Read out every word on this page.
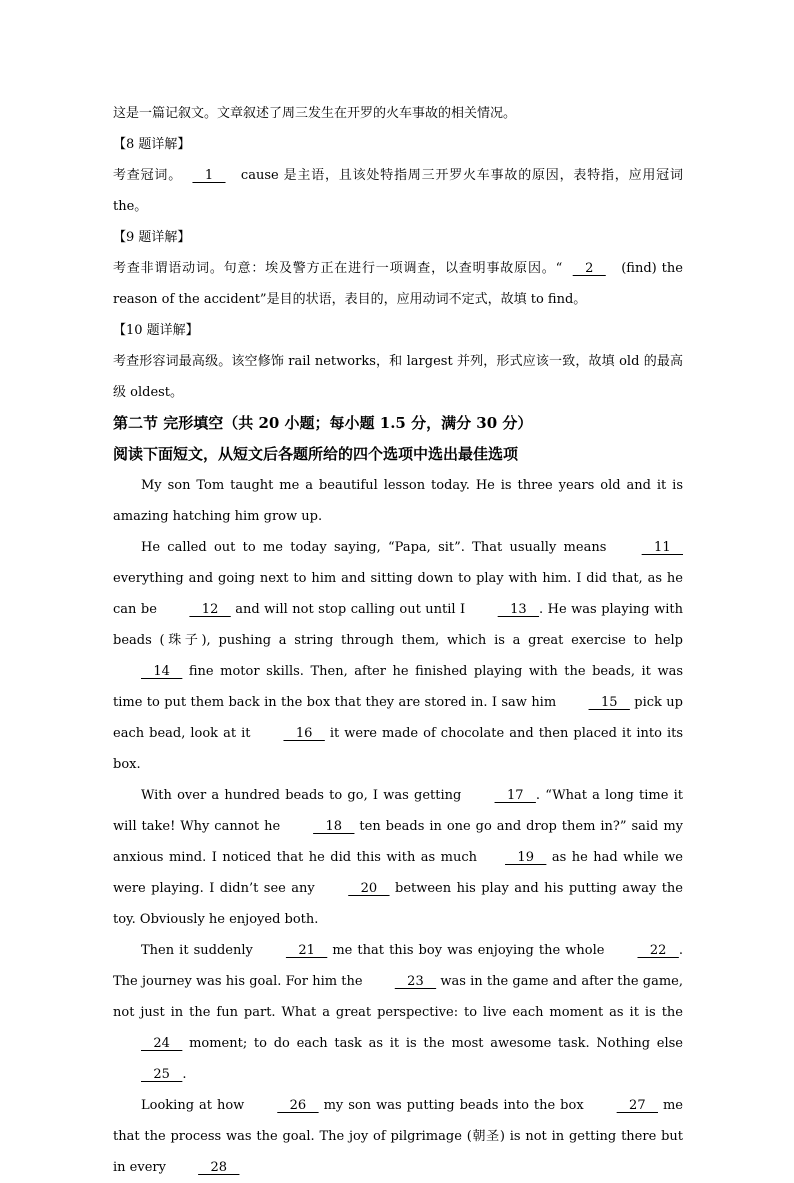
这是一篇记叙文。文章叙述了周三发生在开罗的火车事故的相关情况。

【8 题详解】

考查冠词。   1    cause 是主语，且该处特指周三开罗火车事故的原因，表特指，应用冠词 the。

【9 题详解】

考查非谓语动词。句意：埃及警方正在进行一项调查，以查明事故原因。“   2    (find) the reason of the accident”是目的状语，表目的，应用动词不定式，故填 to find。

【10 题详解】

考查形容词最高级。该空修饰 rail networks，和 largest 并列，形式应该一致，故填 old 的最高级 oldest。

第二节 完形填空（共 20 小题；每小题 1.5 分，满分 30 分）

阅读下面短文，从短文后各题所给的四个选项中选出最佳选项

My son Tom taught me a beautiful lesson today. He is three years old and it is amazing hatching him grow up.

He called out to me today saying, “Papa, sit”. That usually means    11    everything and going next to him and sitting down to play with him. I did that, as he can be    12    and will not stop calling out until I    13   . He was playing with beads (珠子), pushing a string through them, which is a great exercise to help    14    fine motor skills. Then, after he finished playing with the beads, it was time to put them back in the box that they are stored in. I saw him    15    pick up each bead, look at it    16    it were made of chocolate and then placed it into its box.

With over a hundred beads to go, I was getting    17   . “What a long time it will take! Why cannot he    18    ten beads in one go and drop them in?” said my anxious mind. I noticed that he did this with as much   19    as he had while we were playing. I didn’t see any    20    between his play and his putting away the toy. Obviously he enjoyed both.

Then it suddenly    21    me that this boy was enjoying the whole    22   . The journey was his goal. For him the    23    was in the game and after the game, not just in the fun part. What a great perspective: to live each moment as it is the    24    moment; to do each task as it is the most awesome task. Nothing else    25   .

Looking at how    26    my son was putting beads into the box    27    me that the process was the goal. The joy of pilgrimage (朝圣) is not in getting there but in every    28
